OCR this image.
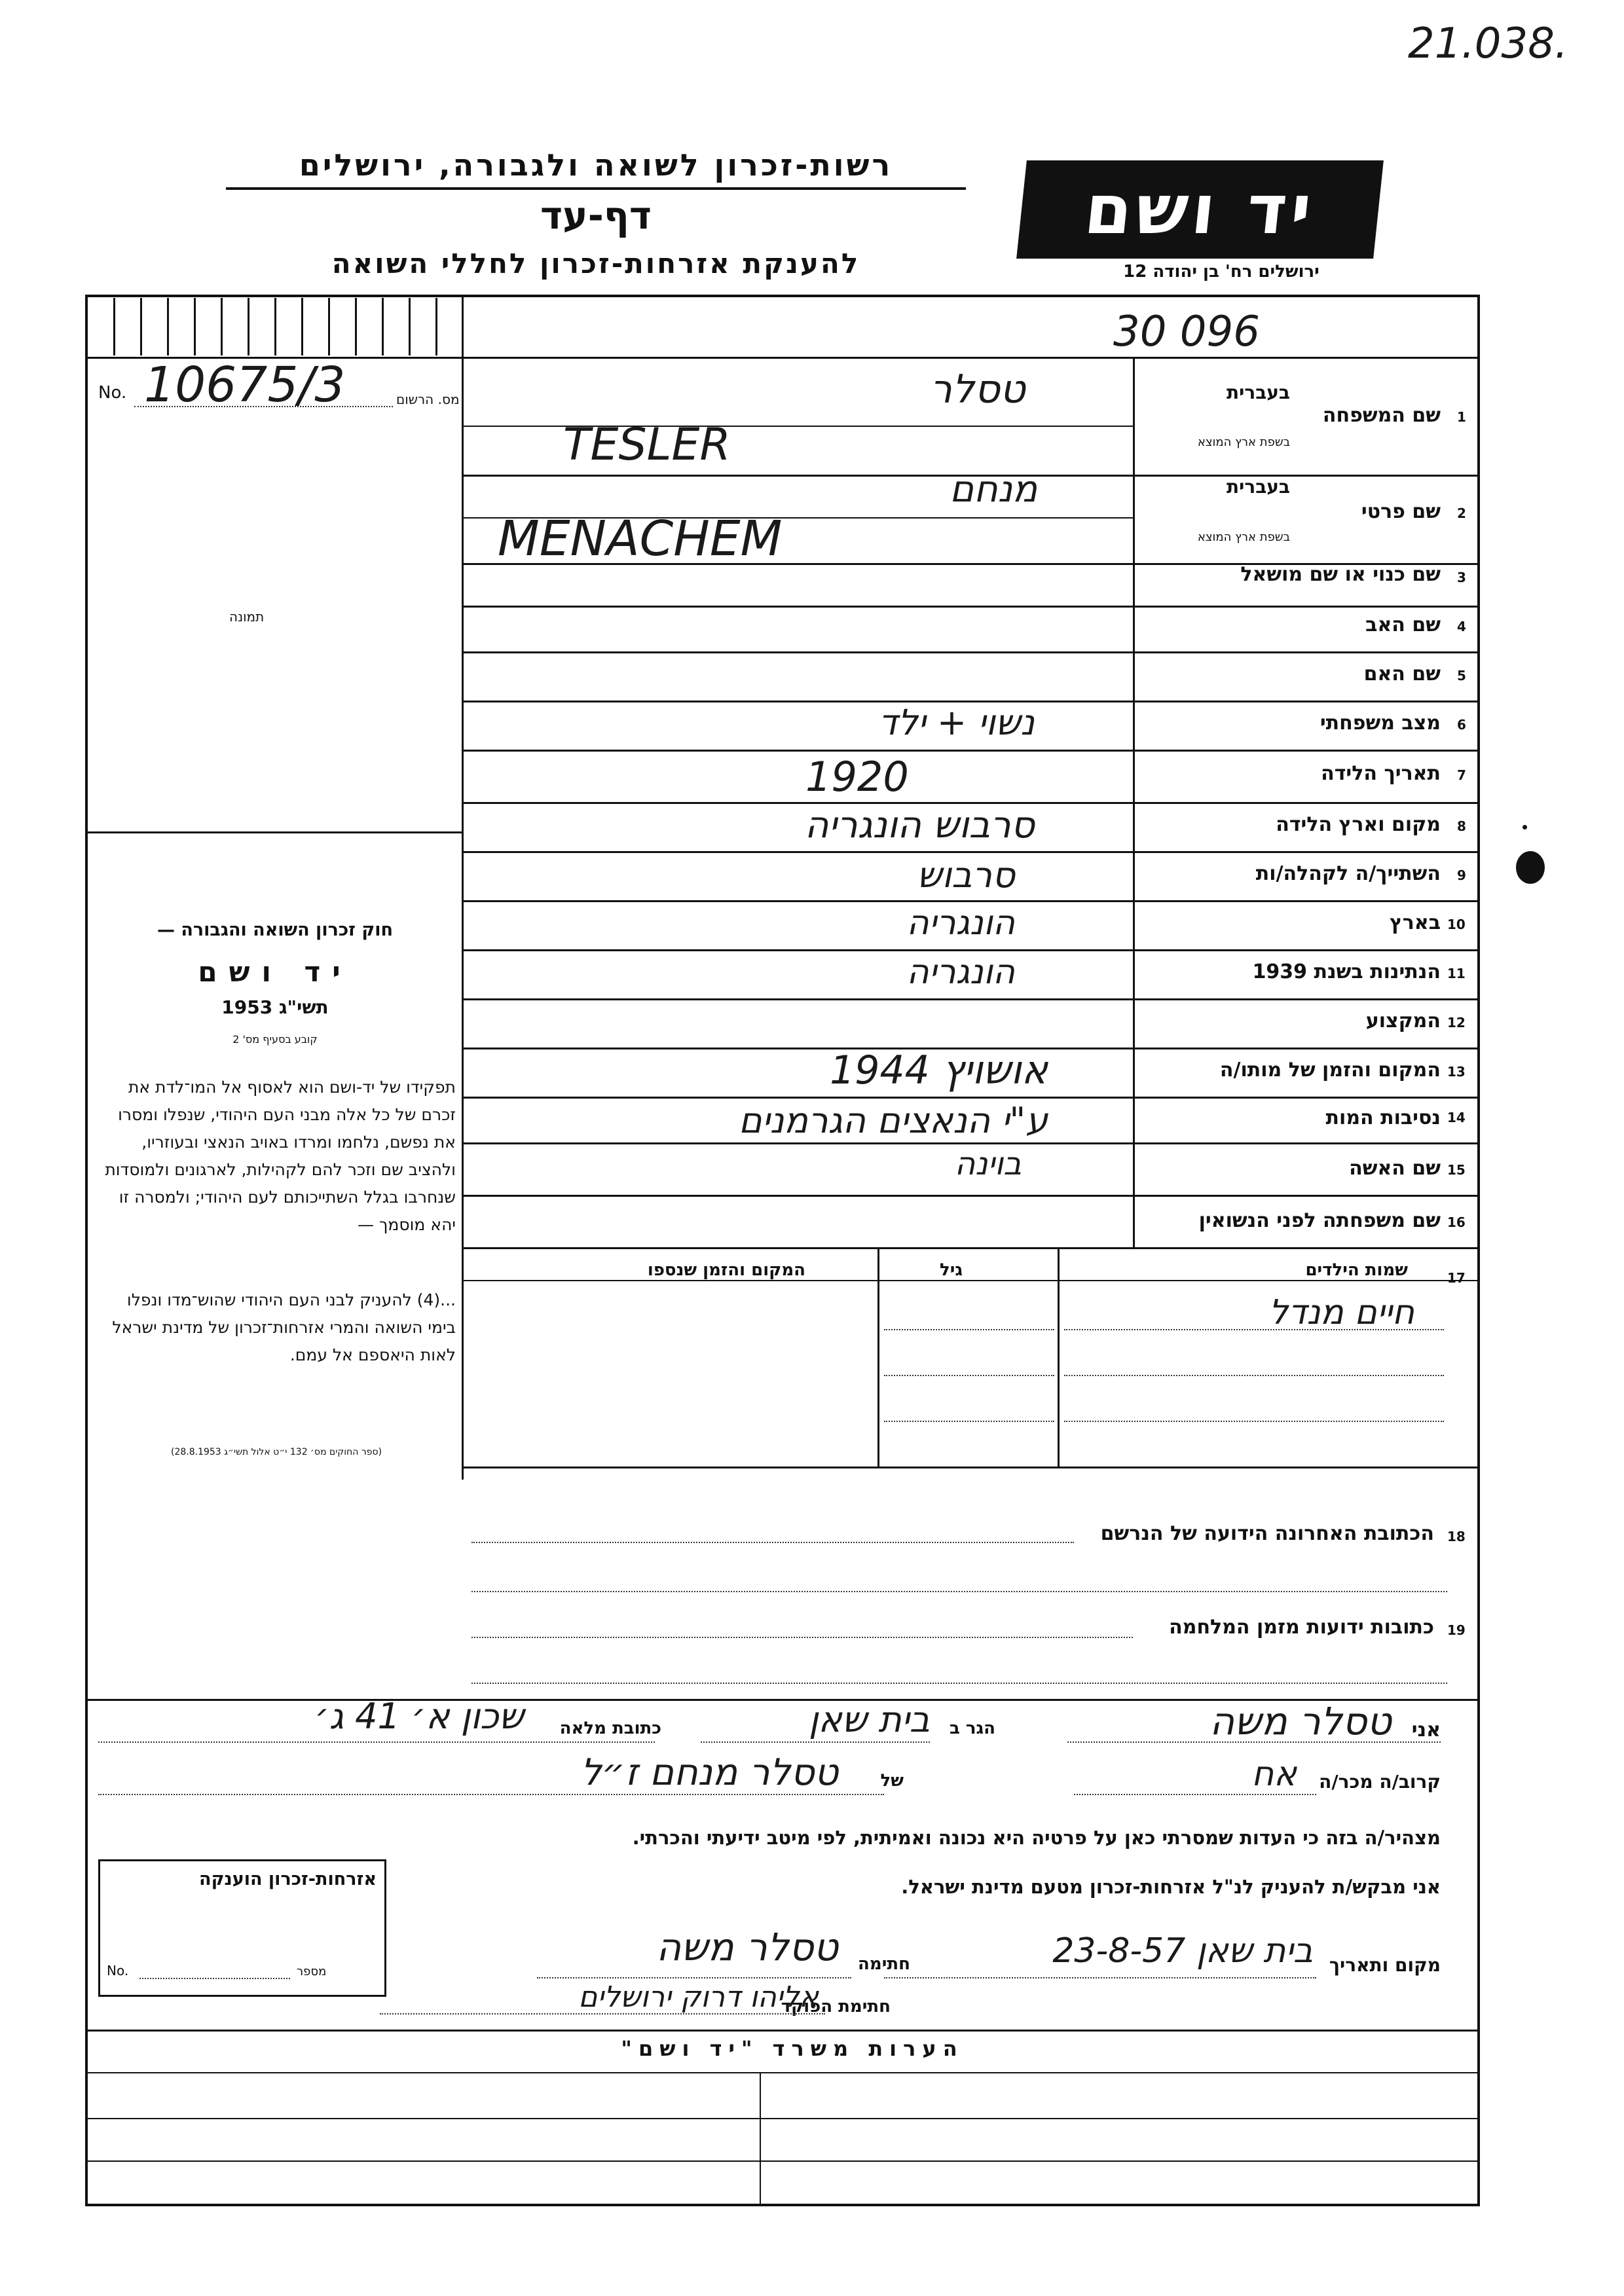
21.038.
רשות-זכרון לשואה ולגבורה, ירושלים
דף-עד
להענקת אזרחות-זכרון לחללי השואה
יד ושם
ירושלים רח' בן יהודה 12
30 096
No. 10675/3	מס. הרשום
תמונה
חוק זכרון השואה והגבורה —
יד ושם
תשי"ג 1953
קובע בסעיף מס' 2
תפקידו של יד-ושם הוא לאסוף אל המו־לדת את זכרם של כל אלה מבני העם היהודי, שנפלו ומסרו את נפשם, נלחמו ומרדו באויב הנאצי ובעוזריו, ולהציב שם וזכר להם לקהילות, לארגונים ולמוסדות שנחרבו בגלל השתייכותם לעם היהודי; ולמסרה זו יהא מוסמך —
...(4) להעניק לבני העם היהודי שהוש־מדו ונפלו בימי השואה והמרי אזרחות־זכרון של מדינת ישראל לאות היאספם אל עמם.
(ספר החוקים מס׳ 132 י״ט אלול תשי״ג 28.8.1953)
1
שם המשפחה
בעברית
בשפת ארץ המוצא
טסלר
TESLER
2
שם פרטי
בעברית
בשפת ארץ המוצא
מנחם
MENACHEM
3
שם כנוי או שם מושאל
4
שם האב
5
שם האם
6
מצב משפחתי
נשוי + ילד
7
תאריך הלידה
1920
8
מקום וארץ הלידה
סרבוש הונגריה
9
השתייך/ה לקהלה/ות
סרבוש
10
בארץ
הונגריה
11
הנתינות בשנת 1939
הונגריה
12
המקצוע
13
המקום והזמן של מותו/ה
אושויץ 1944
14
נסיבות המות
ע"י הנאצים הגרמנים
15
שם האשה
בוינה
16
שם משפחתה לפני הנשואין
17
שמות הילדים
גיל
המקום והזמן שנספו
חיים מנדל
18
הכתובת האחרונה הידועה של הנרשם
19
כתובות ידועות מזמן המלחמה
אני
טסלר משה
הגר ב
בית שאן
כתובת מלאה
שכון א׳ 41 ג׳
קרוב/ה מכר/ה
אח
של
טסלר מנחם ז״ל
מצהיר/ה בזה כי העדות שמסרתי כאן על פרטיה היא נכונה ואמיתית, לפי מיטב ידיעתי והכרתי.
אני מבקש/ת להעניק לנ"ל אזרחות-זכרון מטעם מדינת ישראל.
מקום ותאריך
בית שאן 23-8-57
חתימה
טסלר משה
חתימת הפוקד
אליהו דרוק ירושלים
אזרחות-זכרון הוענקה
No.	מספר
הערות משרד "יד ושם"
